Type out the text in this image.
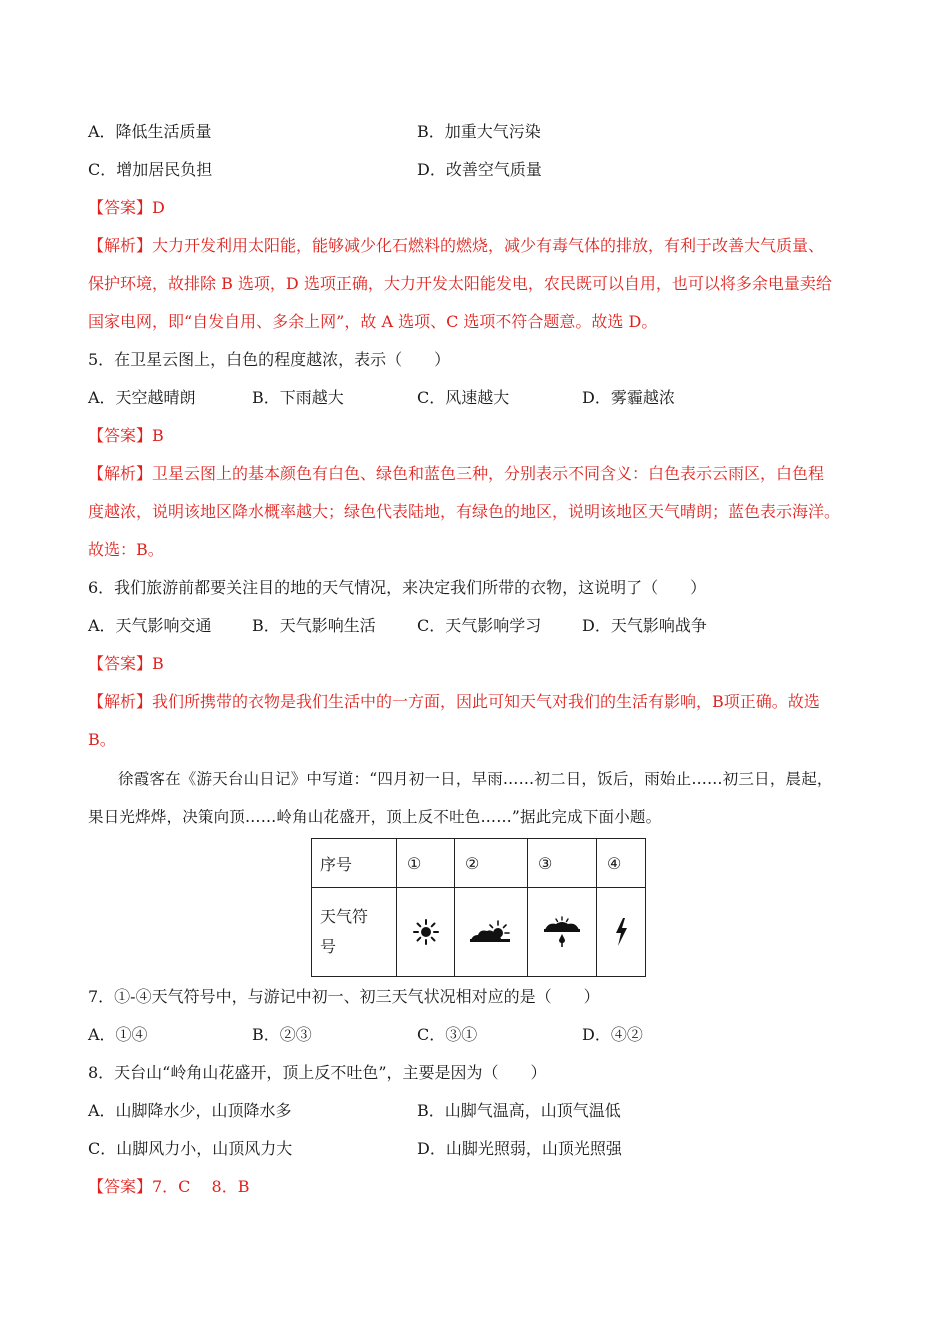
A．降低生活质量	B．加重大气污染
C．增加居民负担	D．改善空气质量
【答案】D
【解析】大力开发利用太阳能，能够减少化石燃料的燃烧，减少有毒气体的排放，有利于改善大气质量、
保护环境，故排除 B 选项，D 选项正确，大力开发太阳能发电，农民既可以自用，也可以将多余电量卖给
国家电网，即“自发自用、多余上网”，故 A 选项、C 选项不符合题意。故选 D。
5．在卫星云图上，白色的程度越浓，表示（　　）
A．天空越晴朗	B．下雨越大	C．风速越大	D．雾霾越浓
【答案】B
【解析】卫星云图上的基本颜色有白色、绿色和蓝色三种，分别表示不同含义：白色表示云雨区，白色程
度越浓，说明该地区降水概率越大；绿色代表陆地，有绿色的地区，说明该地区天气晴朗；蓝色表示海洋。
故选：B。
6．我们旅游前都要关注目的地的天气情况，来决定我们所带的衣物，这说明了（　　）
A．天气影响交通	B．天气影响生活	C．天气影响学习	D．天气影响战争
【答案】B
【解析】我们所携带的衣物是我们生活中的一方面，因此可知天气对我们的生活有影响，B项正确。故选
B。
徐霞客在《游天台山日记》中写道：“四月初一日，早雨……初二日，饭后，雨始止……初三日，晨起，
果日光烨烨，决策向顶……岭角山花盛开，顶上反不吐色……”据此完成下面小题。
序号	①	②	③	④
天气符
号	

7．①-④天气符号中，与游记中初一、初三天气状况相对应的是（　　）
A．①④	B．②③	C．③①	D．④②
8．天台山“岭角山花盛开，顶上反不吐色”，主要是因为（　　）
A．山脚降水少，山顶降水多	B．山脚气温高，山顶气温低
C．山脚风力小，山顶风力大	D．山脚光照弱，山顶光照强
【答案】7．C　 8．B
